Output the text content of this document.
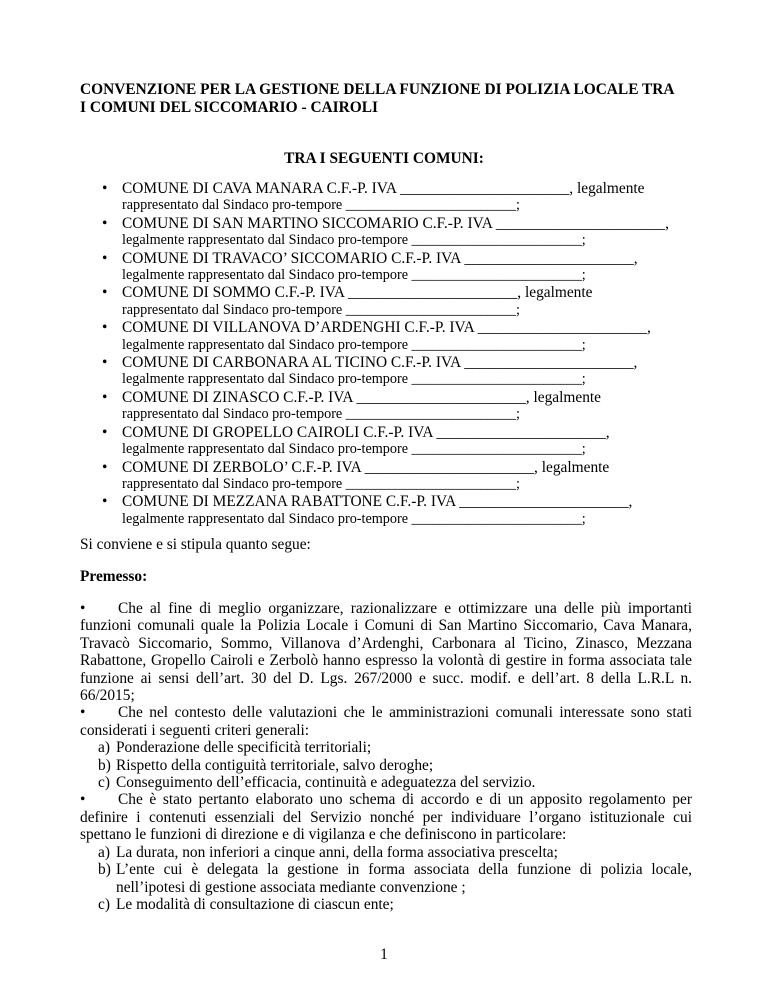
CONVENZIONE PER LA GESTIONE DELLA FUNZIONE DI POLIZIA LOCALE TRA
I COMUNI DEL SICCOMARIO - CAIROLI
TRA I SEGUENTI COMUNI:
• COMUNE DI CAVA MANARA C.F.-P. IVA ______________________, legalmente
rappresentato dal Sindaco pro-tempore ________________________;
• COMUNE DI SAN MARTINO SICCOMARIO C.F.-P. IVA ______________________,
legalmente rappresentato dal Sindaco pro-tempore ________________________;
• COMUNE DI TRAVACO’ SICCOMARIO C.F.-P. IVA ______________________,
legalmente rappresentato dal Sindaco pro-tempore ________________________;
• COMUNE DI SOMMO C.F.-P. IVA ______________________, legalmente
rappresentato dal Sindaco pro-tempore ________________________;
• COMUNE DI VILLANOVA D’ARDENGHI C.F.-P. IVA ______________________,
legalmente rappresentato dal Sindaco pro-tempore ________________________;
• COMUNE DI CARBONARA AL TICINO C.F.-P. IVA ______________________,
legalmente rappresentato dal Sindaco pro-tempore ________________________;
• COMUNE DI ZINASCO C.F.-P. IVA ______________________, legalmente
rappresentato dal Sindaco pro-tempore ________________________;
• COMUNE DI GROPELLO CAIROLI C.F.-P. IVA ______________________,
legalmente rappresentato dal Sindaco pro-tempore ________________________;
• COMUNE DI ZERBOLO’ C.F.-P. IVA ______________________, legalmente
rappresentato dal Sindaco pro-tempore ________________________;
• COMUNE DI MEZZANA RABATTONE C.F.-P. IVA ______________________,
legalmente rappresentato dal Sindaco pro-tempore ________________________;
Si conviene e si stipula quanto segue:
Premesso:

• Che al fine di meglio organizzare, razionalizzare e ottimizzare una delle più importanti funzioni comunali quale la Polizia Locale i Comuni di San Martino Siccomario, Cava Manara, Travacò Siccomario, Sommo, Villanova d’Ardenghi, Carbonara al Ticino, Zinasco, Mezzana Rabattone, Gropello Cairoli e Zerbolò hanno espresso la volontà di gestire in forma associata tale funzione ai sensi dell’art. 30 del D. Lgs. 267/2000 e succ. modif. e dell’art. 8 della L.R.L n. 66/2015;

• Che nel contesto delle valutazioni che le amministrazioni comunali interessate sono stati considerati i seguenti criteri generali:

a) Ponderazione delle specificità territoriali;
b) Rispetto della contiguità territoriale, salvo deroghe;
c) Conseguimento dell’efficacia, continuità e adeguatezza del servizio.

• Che è stato pertanto elaborato uno schema di accordo e di un apposito regolamento per definire i contenuti essenziali del Servizio nonché per individuare l’organo istituzionale cui spettano le funzioni di direzione e di vigilanza e che definiscono in particolare:

a) La durata, non inferiori a cinque anni, della forma associativa prescelta;
b) L’ente cui è delegata la gestione in forma associata della funzione di polizia locale, nell’ipotesi di gestione associata mediante convenzione ;
c) Le modalità di consultazione di ciascun ente;
1
